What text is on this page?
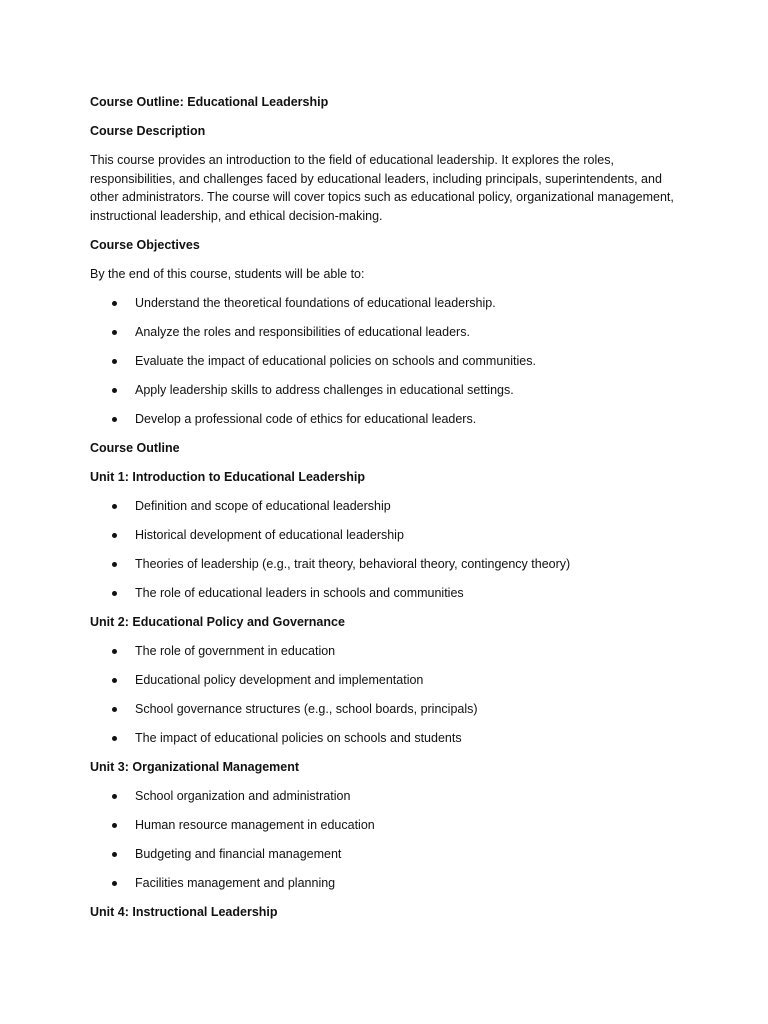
Course Outline: Educational Leadership
Course Description
This course provides an introduction to the field of educational leadership. It explores the roles, responsibilities, and challenges faced by educational leaders, including principals, superintendents, and other administrators. The course will cover topics such as educational policy, organizational management, instructional leadership, and ethical decision-making.
Course Objectives
By the end of this course, students will be able to:
Understand the theoretical foundations of educational leadership.
Analyze the roles and responsibilities of educational leaders.
Evaluate the impact of educational policies on schools and communities.
Apply leadership skills to address challenges in educational settings.
Develop a professional code of ethics for educational leaders.
Course Outline
Unit 1: Introduction to Educational Leadership
Definition and scope of educational leadership
Historical development of educational leadership
Theories of leadership (e.g., trait theory, behavioral theory, contingency theory)
The role of educational leaders in schools and communities
Unit 2: Educational Policy and Governance
The role of government in education
Educational policy development and implementation
School governance structures (e.g., school boards, principals)
The impact of educational policies on schools and students
Unit 3: Organizational Management
School organization and administration
Human resource management in education
Budgeting and financial management
Facilities management and planning
Unit 4: Instructional Leadership
